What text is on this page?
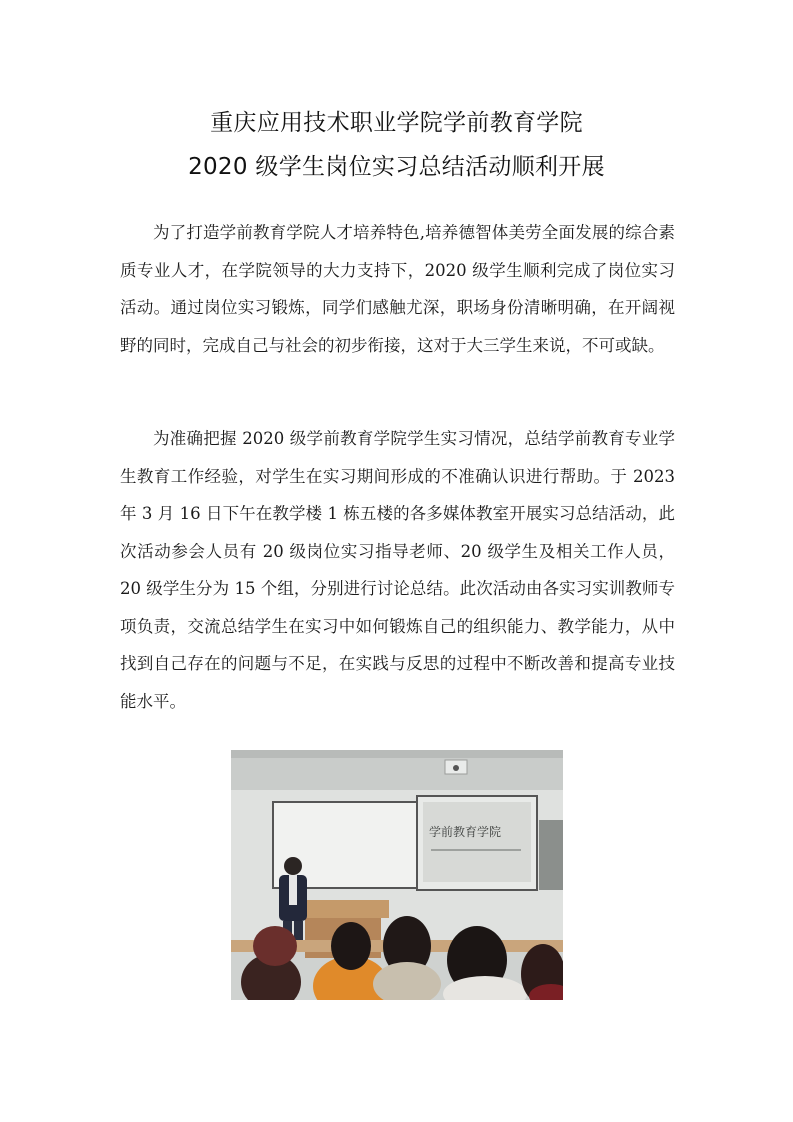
重庆应用技术职业学院学前教育学院
2020 级学生岗位实习总结活动顺利开展

为了打造学前教育学院人才培养特色,培养德智体美劳全面发展的综合素质专业人才，在学院领导的大力支持下，2020 级学生顺利完成了岗位实习活动。通过岗位实习锻炼，同学们感触尤深，职场身份清晰明确，在开阔视野的同时，完成自己与社会的初步衔接，这对于大三学生来说，不可或缺。

为准确把握 2020 级学前教育学院学生实习情况，总结学前教育专业学生教育工作经验，对学生在实习期间形成的不准确认识进行帮助。于 2023 年 3 月 16 日下午在教学楼 1 栋五楼的各多媒体教室开展实习总结活动，此次活动参会人员有 20 级岗位实习指导老师、20 级学生及相关工作人员，20 级学生分为 15 个组，分别进行讨论总结。此次活动由各实习实训教师专项负责，交流总结学生在实习中如何锻炼自己的组织能力、教学能力，从中找到自己存在的问题与不足，在实践与反思的过程中不断改善和提高专业技能水平。

学前教育学院
